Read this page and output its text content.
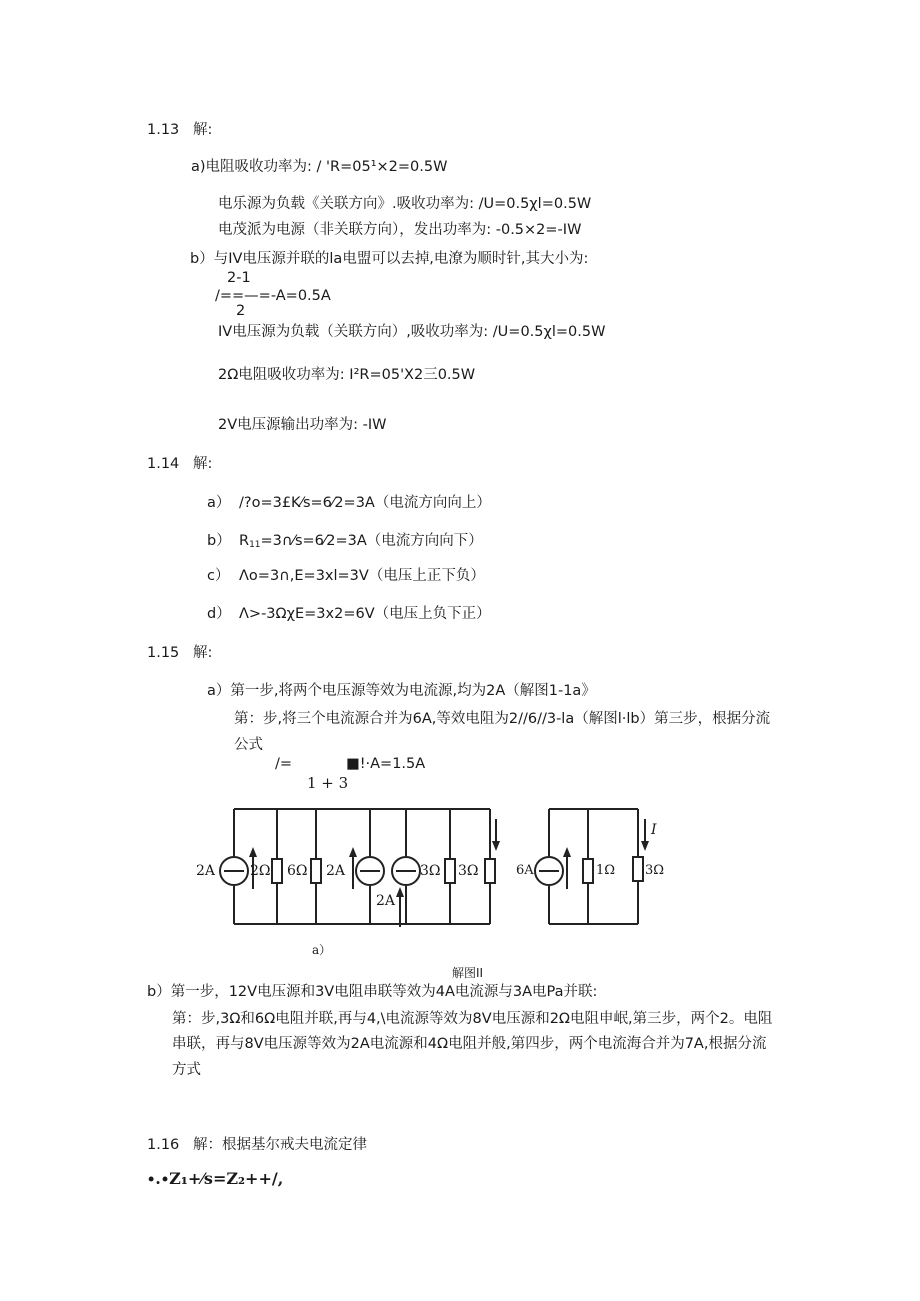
1.13 解:
a)电阻吸收功率为: / 'R=05¹×2=0.5W
电乐源为负载《关联方向》.吸收功率为: /U=0.5χl=0.5W
电茂派为电源（非关联方向），发出功率为: -0.5×2=-IW
b）与IV电压源并联的la电盟可以去掉,电潦为顺时针,其大小为:
2-1
/==—=-A=0.5A
2
IV电压源为负载（关联方向）,吸收功率为: /U=0.5χl=0.5W
2Ω电阻吸收功率为: I²R=05'X2三0.5W
2V电压源输出功率为: -IW
1.14 解:
a） /?o=3£K⁄s=6⁄2=3A（电流方向向上）
b） $R_{11}=3\cap⁄s=6⁄2=3A$（电流方向向下）
c） Λo=3∩,E=3xl=3V（电压上正下负）
d） Λ>-3ΩχE=3x2=6V（电压上负下正）
1.15 解:
a）第一步,将两个电压源等效为电流源,均为2A（解图1-1a》
第：步,将三个电流源合并为6A,等效电阻为2//6//3-la（解图l·lb）第三步，根据分流
公式
/=	■!·A=1.5A
1 + 3
2A 2Ω 6Ω 2A
2A
3Ω 3Ω
a）
6A	1Ω 3Ω
I
解图II
b）第一步，12V电压源和3V电阻串联等效为4A电流源与3A电Pa并联:
第：步,3Ω和6Ω电阻并联,再与4,\电流源等效为8V电压源和2Ω电阻申岷,第三步，两个2。电阻
串联，再与8V电压源等效为2A电流源和4Ω电阻并般,第四步，两个电流海合并为7A,根据分流
方式
1.16 解：根据基尔戒夫电流定律
∙.∙Z₁+⁄s=Z₂++/,
